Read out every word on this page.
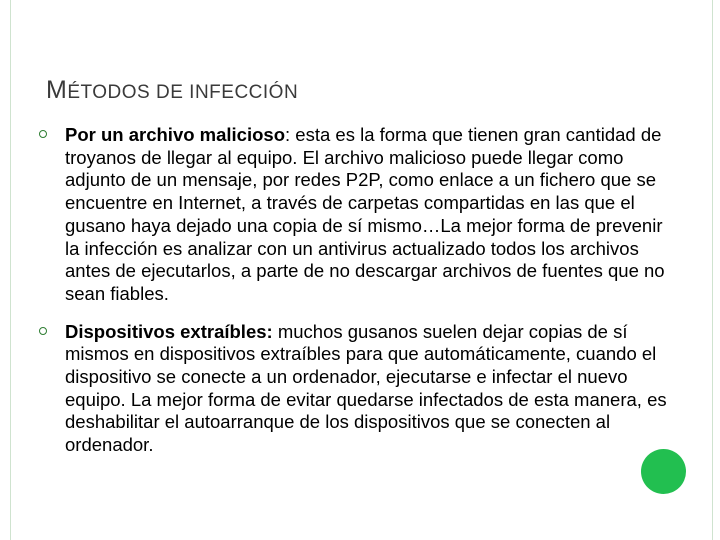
MÉTODOS DE INFECCIÓN
Por un archivo malicioso: esta es la forma que tienen gran cantidad de troyanos de llegar al equipo. El archivo malicioso puede llegar como adjunto de un mensaje, por redes P2P, como enlace a un fichero que se encuentre en Internet, a través de carpetas compartidas en las que el gusano haya dejado una copia de sí mismo…La mejor forma de prevenir la infección es analizar con un antivirus actualizado todos los archivos antes de ejecutarlos, a parte de no descargar archivos de fuentes que no sean fiables.
Dispositivos extraíbles: muchos gusanos suelen dejar copias de sí mismos en dispositivos extraíbles para que automáticamente, cuando el dispositivo se conecte a un ordenador, ejecutarse e infectar el nuevo equipo. La mejor forma de evitar quedarse infectados de esta manera, es deshabilitar el autoarranque de los dispositivos que se conecten al ordenador.
